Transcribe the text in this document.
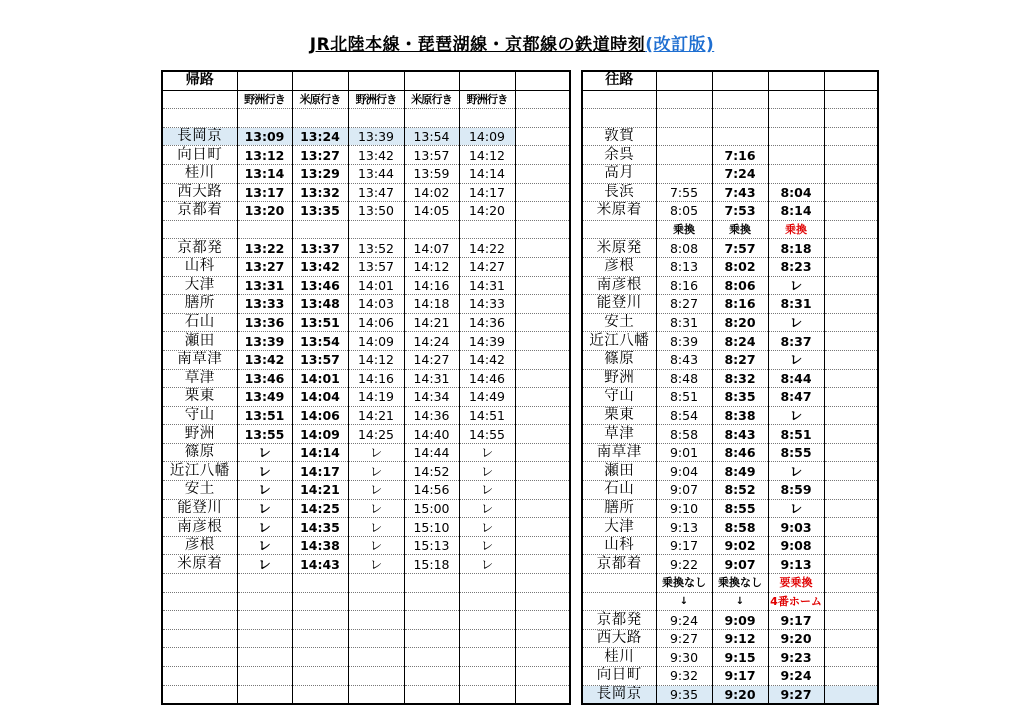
JR北陸本線・琵琶湖線・京都線の鉄道時刻(改訂版)
帰路						
	野洲行き	米原行き	野洲行き	米原行き	野洲行き	

長岡京	13:09	13:24	13:39	13:54	14:09	
向日町	13:12	13:27	13:42	13:57	14:12	
桂川	13:14	13:29	13:44	13:59	14:14	
西大路	13:17	13:32	13:47	14:02	14:17	
京都着	13:20	13:35	13:50	14:05	14:20	

京都発	13:22	13:37	13:52	14:07	14:22	
山科	13:27	13:42	13:57	14:12	14:27	
大津	13:31	13:46	14:01	14:16	14:31	
膳所	13:33	13:48	14:03	14:18	14:33	
石山	13:36	13:51	14:06	14:21	14:36	
瀬田	13:39	13:54	14:09	14:24	14:39	
南草津	13:42	13:57	14:12	14:27	14:42	
草津	13:46	14:01	14:16	14:31	14:46	
栗東	13:49	14:04	14:19	14:34	14:49	
守山	13:51	14:06	14:21	14:36	14:51	
野洲	13:55	14:09	14:25	14:40	14:55	
篠原	レ	14:14	レ	14:44	レ	
近江八幡	レ	14:17	レ	14:52	レ	
安土	レ	14:21	レ	14:56	レ	
能登川	レ	14:25	レ	15:00	レ	
南彦根	レ	14:35	レ	15:10	レ	
彦根	レ	14:38	レ	15:13	レ	
米原着	レ	14:43	レ	15:18	レ	

往路				

敦賀				
余呉		7:16		
高月		7:24		
長浜	7:55	7:43	8:04	
米原着	8:05	7:53	8:14	
	乗換	乗換	乗換	
米原発	8:08	7:57	8:18	
彦根	8:13	8:02	8:23	
南彦根	8:16	8:06	レ	
能登川	8:27	8:16	8:31	
安土	8:31	8:20	レ	
近江八幡	8:39	8:24	8:37	
篠原	8:43	8:27	レ	
野洲	8:48	8:32	8:44	
守山	8:51	8:35	8:47	
栗東	8:54	8:38	レ	
草津	8:58	8:43	8:51	
南草津	9:01	8:46	8:55	
瀬田	9:04	8:49	レ	
石山	9:07	8:52	8:59	
膳所	9:10	8:55	レ	
大津	9:13	8:58	9:03	
山科	9:17	9:02	9:08	
京都着	9:22	9:07	9:13	
	乗換なし	乗換なし	要乗換	
	↓	↓	4番ホーム	
京都発	9:24	9:09	9:17	
西大路	9:27	9:12	9:20	
桂川	9:30	9:15	9:23	
向日町	9:32	9:17	9:24	
長岡京	9:35	9:20	9:27	
